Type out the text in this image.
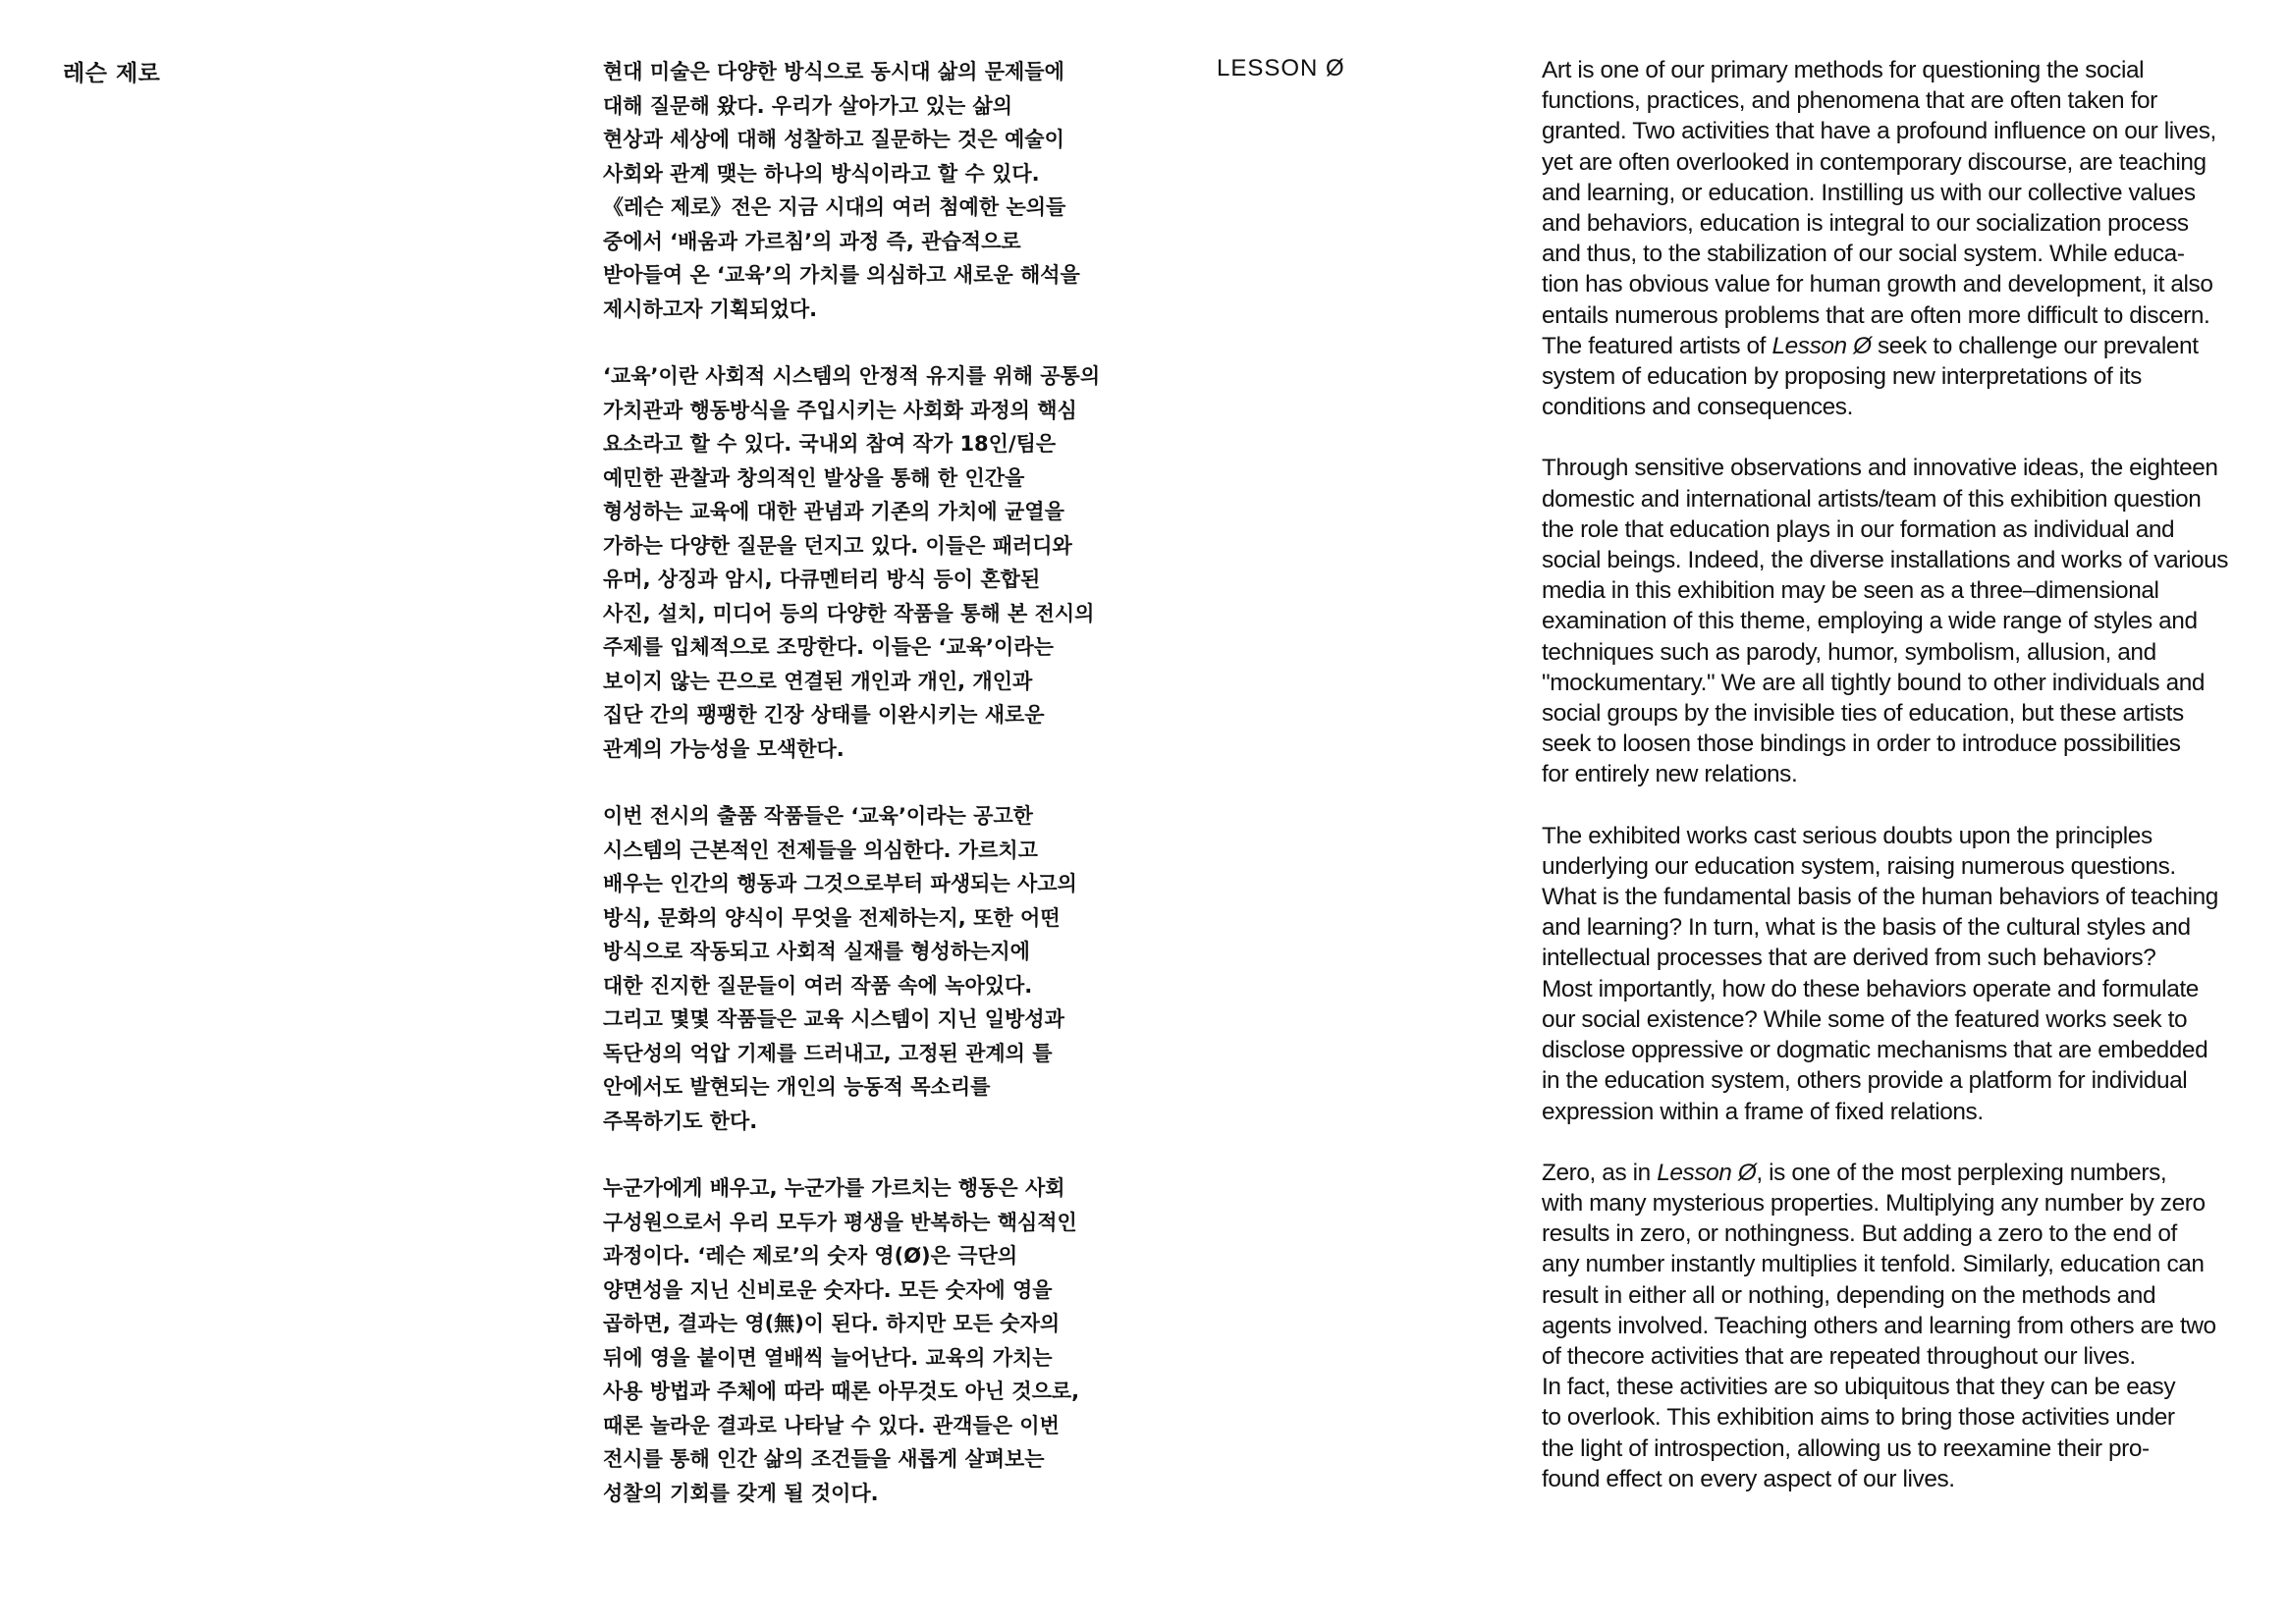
레슨 제로	현대 미술은 다양한 방식으로 동시대 삶의 문제들에
대해 질문해 왔다. 우리가 살아가고 있는 삶의
현상과 세상에 대해 성찰하고 질문하는 것은 예술이
사회와 관계 맺는 하나의 방식이라고 할 수 있다.
《레슨 제로》전은 지금 시대의 여러 첨예한 논의들
중에서 ‘배움과 가르침’의 과정 즉, 관습적으로
받아들여 온 ‘교육’의 가치를 의심하고 새로운 해석을
제시하고자 기획되었다.

‘교육’이란 사회적 시스템의 안정적 유지를 위해 공통의
가치관과 행동방식을 주입시키는 사회화 과정의 핵심
요소라고 할 수 있다. 국내외 참여 작가 18인/팀은
예민한 관찰과 창의적인 발상을 통해 한 인간을
형성하는 교육에 대한 관념과 기존의 가치에 균열을
가하는 다양한 질문을 던지고 있다. 이들은 패러디와
유머, 상징과 암시, 다큐멘터리 방식 등이 혼합된
사진, 설치, 미디어 등의 다양한 작품을 통해 본 전시의
주제를 입체적으로 조망한다. 이들은 ‘교육’이라는
보이지 않는 끈으로 연결된 개인과 개인, 개인과
집단 간의 팽팽한 긴장 상태를 이완시키는 새로운
관계의 가능성을 모색한다.

이번 전시의 출품 작품들은 ‘교육’이라는 공고한
시스템의 근본적인 전제들을 의심한다. 가르치고
배우는 인간의 행동과 그것으로부터 파생되는 사고의
방식, 문화의 양식이 무엇을 전제하는지, 또한 어떤
방식으로 작동되고 사회적 실재를 형성하는지에
대한 진지한 질문들이 여러 작품 속에 녹아있다.
그리고 몇몇 작품들은 교육 시스템이 지닌 일방성과
독단성의 억압 기제를 드러내고, 고정된 관계의 틀
안에서도 발현되는 개인의 능동적 목소리를
주목하기도 한다.

누군가에게 배우고, 누군가를 가르치는 행동은 사회
구성원으로서 우리 모두가 평생을 반복하는 핵심적인
과정이다. ‘레슨 제로’의 숫자 영(Ø)은 극단의
양면성을 지닌 신비로운 숫자다. 모든 숫자에 영을
곱하면, 결과는 영(無)이 된다. 하지만 모든 숫자의
뒤에 영을 붙이면 열배씩 늘어난다. 교육의 가치는
사용 방법과 주체에 따라 때론 아무것도 아닌 것으로,
때론 놀라운 결과로 나타날 수 있다. 관객들은 이번
전시를 통해 인간 삶의 조건들을 새롭게 살펴보는
성찰의 기회를 갖게 될 것이다.

LESSON Ø	Art is one of our primary methods for questioning the social
functions, practices, and phenomena that are often taken for
granted. Two activities that have a profound influence on our lives,
yet are often overlooked in contemporary discourse, are teaching
and learning, or education. Instilling us with our collective values
and behaviors, education is integral to our socialization process
and thus, to the stabilization of our social system. While educa-
tion has obvious value for human growth and development, it also
entails numerous problems that are often more difficult to discern.
The featured artists of Lesson Ø seek to challenge our prevalent
system of education by proposing new interpretations of its
conditions and consequences.

Through sensitive observations and innovative ideas, the eighteen
domestic and international artists/team of this exhibition question
the role that education plays in our formation as individual and
social beings. Indeed, the diverse installations and works of various
media in this exhibition may be seen as a three–dimensional
examination of this theme, employing a wide range of styles and
techniques such as parody, humor, symbolism, allusion, and
"mockumentary." We are all tightly bound to other individuals and
social groups by the invisible ties of education, but these artists
seek to loosen those bindings in order to introduce possibilities
for entirely new relations.

The exhibited works cast serious doubts upon the principles
underlying our education system, raising numerous questions.
What is the fundamental basis of the human behaviors of teaching
and learning? In turn, what is the basis of the cultural styles and
intellectual processes that are derived from such behaviors?
Most importantly, how do these behaviors operate and formulate
our social existence? While some of the featured works seek to
disclose oppressive or dogmatic mechanisms that are embedded
in the education system, others provide a platform for individual
expression within a frame of fixed relations.

Zero, as in Lesson Ø, is one of the most perplexing numbers,
with many mysterious properties. Multiplying any number by zero
results in zero, or nothingness. But adding a zero to the end of
any number instantly multiplies it tenfold. Similarly, education can
result in either all or nothing, depending on the methods and
agents involved. Teaching others and learning from others are two
of thecore activities that are repeated throughout our lives.
In fact, these activities are so ubiquitous that they can be easy
to overlook. This exhibition aims to bring those activities under
the light of introspection, allowing us to reexamine their pro-
found effect on every aspect of our lives.
